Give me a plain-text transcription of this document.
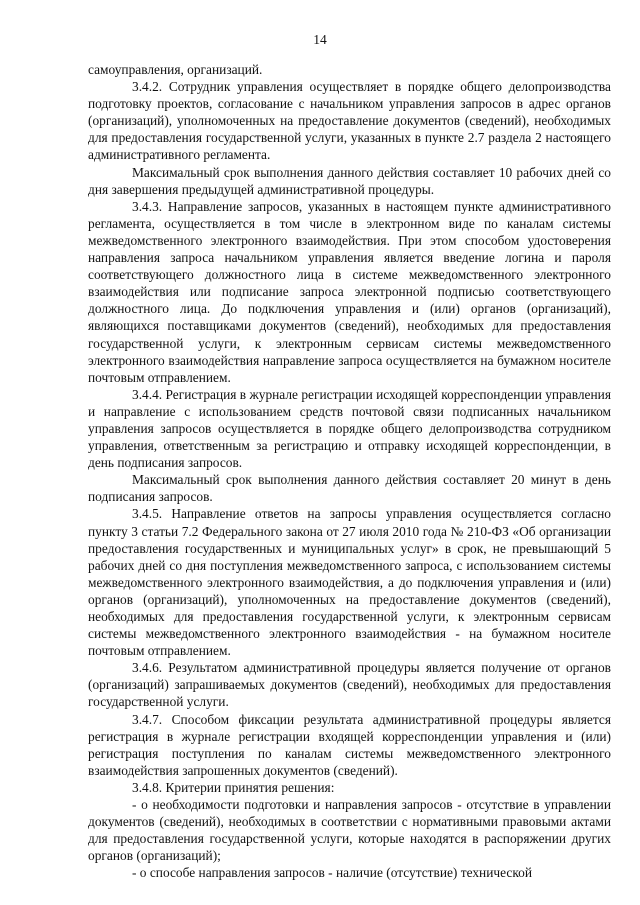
14

самоуправления, организаций.

3.4.2. Сотрудник управления осуществляет в порядке общего делопроизводства подготовку проектов, согласование с начальником управления запросов в адрес органов (организаций), уполномоченных на предоставление документов (сведений), необходимых для предоставления государственной услуги, указанных в пункте 2.7 раздела 2 настоящего административного регламента.

Максимальный срок выполнения данного действия составляет 10 рабочих дней со дня завершения предыдущей административной процедуры.

3.4.3. Направление запросов, указанных в настоящем пункте административного регламента, осуществляется в том числе в электронном виде по каналам системы межведомственного электронного взаимодействия. При этом способом удостоверения направления запроса начальником управления является введение логина и пароля соответствующего должностного лица в системе межведомственного электронного взаимодействия или подписание запроса электронной подписью соответствующего должностного лица. До подключения управления и (или) органов (организаций), являющихся поставщиками документов (сведений), необходимых для предоставления государственной услуги, к электронным сервисам системы межведомственного электронного взаимодействия направление запроса осуществляется на бумажном носителе почтовым отправлением.

3.4.4. Регистрация в журнале регистрации исходящей корреспонденции управления и направление с использованием средств почтовой связи подписанных начальником управления запросов осуществляется в порядке общего делопроизводства сотрудником управления, ответственным за регистрацию и отправку исходящей корреспонденции, в день подписания запросов.

Максимальный срок выполнения данного действия составляет 20 минут в день подписания запросов.

3.4.5. Направление ответов на запросы управления осуществляется согласно пункту 3 статьи 7.2 Федерального закона от 27 июля 2010 года № 210-ФЗ «Об организации предоставления государственных и муниципальных услуг» в срок, не превышающий 5 рабочих дней со дня поступления межведомственного запроса, с использованием системы межведомственного электронного взаимодействия, а до подключения управления и (или) органов (организаций), уполномоченных на предоставление документов (сведений), необходимых для предоставления государственной услуги, к электронным сервисам системы межведомственного электронного взаимодействия - на бумажном носителе почтовым отправлением.

3.4.6. Результатом административной процедуры является получение от органов (организаций) запрашиваемых документов (сведений), необходимых для предоставления государственной услуги.

3.4.7. Способом фиксации результата административной процедуры является регистрация в журнале регистрации входящей корреспонденции управления и (или) регистрация поступления по каналам системы межведомственного электронного взаимодействия запрошенных документов (сведений).

3.4.8. Критерии принятия решения:

- о необходимости подготовки и направления запросов - отсутствие в управлении документов (сведений), необходимых в соответствии с нормативными правовыми актами для предоставления государственной услуги, которые находятся в распоряжении других органов (организаций);

- о способе направления запросов - наличие (отсутствие) технической
